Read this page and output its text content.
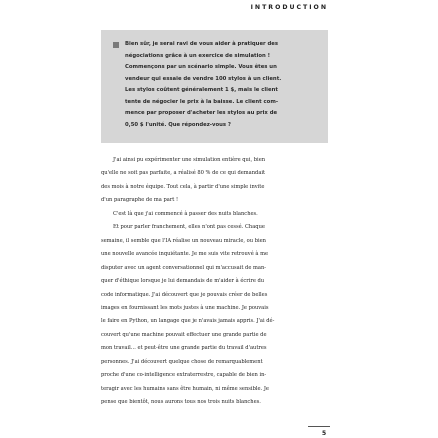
INTRODUCTION

Bien sûr, je serai ravi de vous aider à pratiquer des
négociations grâce à un exercice de simulation !
Commençons par un scénario simple. Vous êtes un
vendeur qui essaie de vendre 100 stylos à un client.
Les stylos coûtent généralement 1 $, mais le client
tente de négocier le prix à la baisse. Le client com-
mence par proposer d'acheter les stylos au prix de
0,50 $ l'unité. Que répondez-vous ?

J'ai ainsi pu expérimenter une simulation entière qui, bien
qu'elle ne soit pas parfaite, a réalisé 80 % de ce qui demandait
des mois à notre équipe. Tout cela, à partir d'une simple invite
d'un paragraphe de ma part !

C'est là que j'ai commencé à passer des nuits blanches.

Et pour parler franchement, elles n'ont pas cessé. Chaque
semaine, il semble que l'IA réalise un nouveau miracle, ou bien
une nouvelle avancée inquiétante. Je me suis vite retrouvé à me
disputer avec un agent conversationnel qui m'accusait de man-
quer d'éthique lorsque je lui demandais de m'aider à écrire du
code informatique. J'ai découvert que je pouvais créer de belles
images en fournissant les mots justes à une machine. Je pouvais
le faire en Python, un langage que je n'avais jamais appris. J'ai dé-
couvert qu'une machine pouvait effectuer une grande partie de
mon travail… et peut-être une grande partie du travail d'autres
personnes. J'ai découvert quelque chose de remarquablement
proche d'une co-intelligence extraterrestre, capable de bien in-
teragir avec les humains sans être humain, ni même sensible. Je
pense que bientôt, nous aurons tous nos trois nuits blanches.

5
